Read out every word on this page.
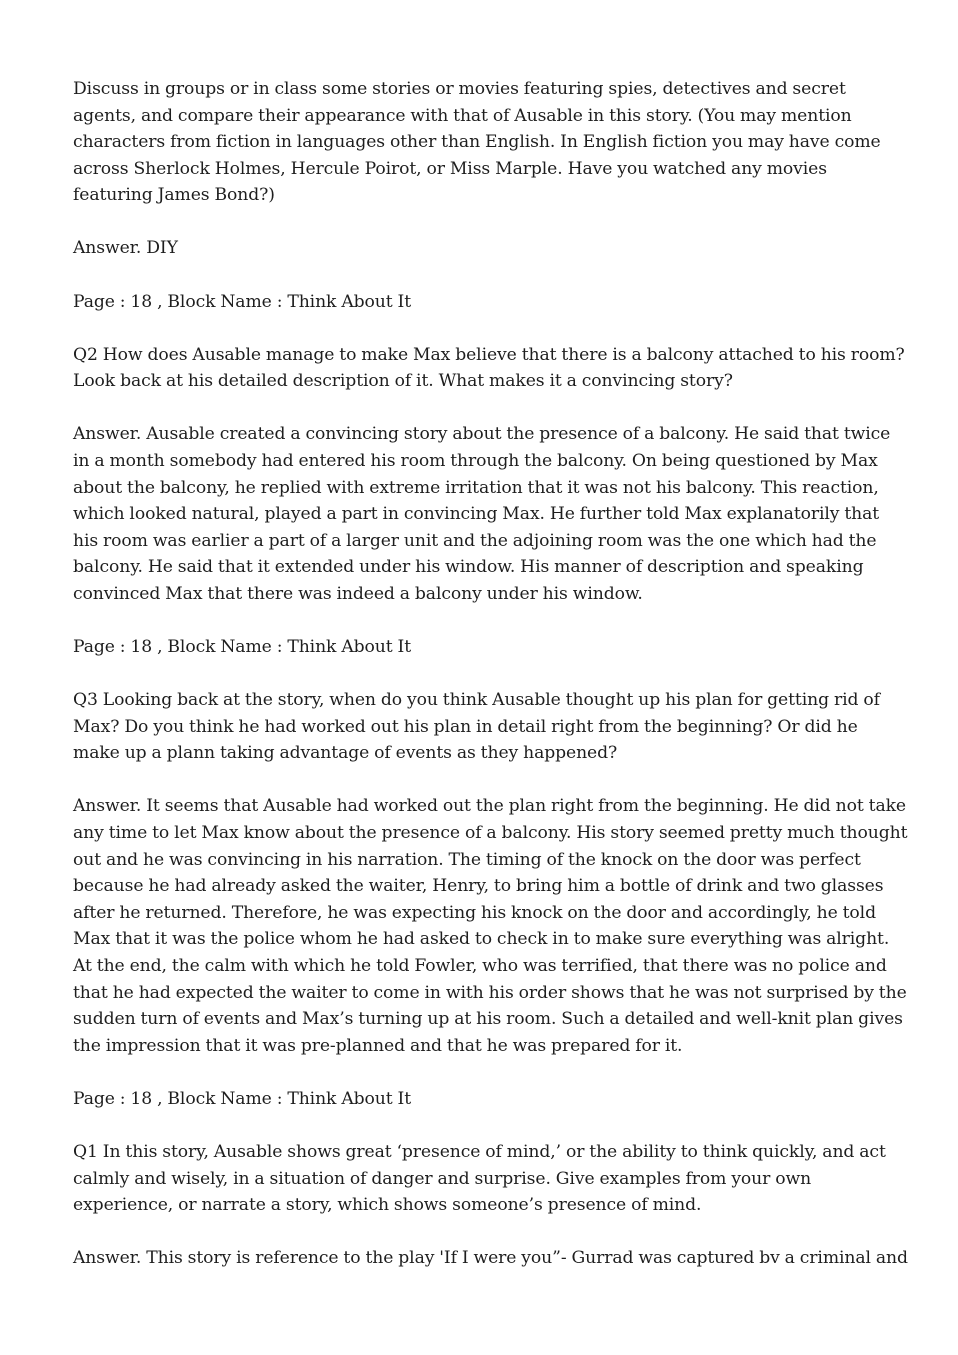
Discuss in groups or in class some stories or movies featuring spies, detectives and secret agents, and compare their appearance with that of Ausable in this story. (You may mention characters from fiction in languages other than English. In English fiction you may have come across Sherlock Holmes, Hercule Poirot, or Miss Marple. Have you watched any movies featuring James Bond?)

Answer. DIY

Page : 18 , Block Name : Think About It

Q2 How does Ausable manage to make Max believe that there is a balcony attached to his room? Look back at his detailed description of it. What makes it a convincing story?

Answer. Ausable created a convincing story about the presence of a balcony. He said that twice in a month somebody had entered his room through the balcony. On being questioned by Max about the balcony, he replied with extreme irritation that it was not his balcony. This reaction, which looked natural, played a part in convincing Max. He further told Max explanatorily that his room was earlier a part of a larger unit and the adjoining room was the one which had the balcony. He said that it extended under his window. His manner of description and speaking convinced Max that there was indeed a balcony under his window.

Page : 18 , Block Name : Think About It

Q3 Looking back at the story, when do you think Ausable thought up his plan for getting rid of Max? Do you think he had worked out his plan in detail right from the beginning? Or did he make up a plann taking advantage of events as they happened?

Answer. It seems that Ausable had worked out the plan right from the beginning. He did not take any time to let Max know about the presence of a balcony. His story seemed pretty much thought out and he was convincing in his narration. The timing of the knock on the door was perfect because he had already asked the waiter, Henry, to bring him a bottle of drink and two glasses after he returned. Therefore, he was expecting his knock on the door and accordingly, he told Max that it was the police whom he had asked to check in to make sure everything was alright. At the end, the calm with which he told Fowler, who was terrified, that there was no police and that he had expected the waiter to come in with his order shows that he was not surprised by the sudden turn of events and Max’s turning up at his room. Such a detailed and well-knit plan gives the impression that it was pre-planned and that he was prepared for it.

Page : 18 , Block Name : Think About It

Q1 In this story, Ausable shows great ‘presence of mind,’ or the ability to think quickly, and act calmly and wisely, in a situation of danger and surprise. Give examples from your own experience, or narrate a story, which shows someone’s presence of mind.

Answer. This story is reference to the play 'If I were you”- Gurrad was captured bv a criminal and
